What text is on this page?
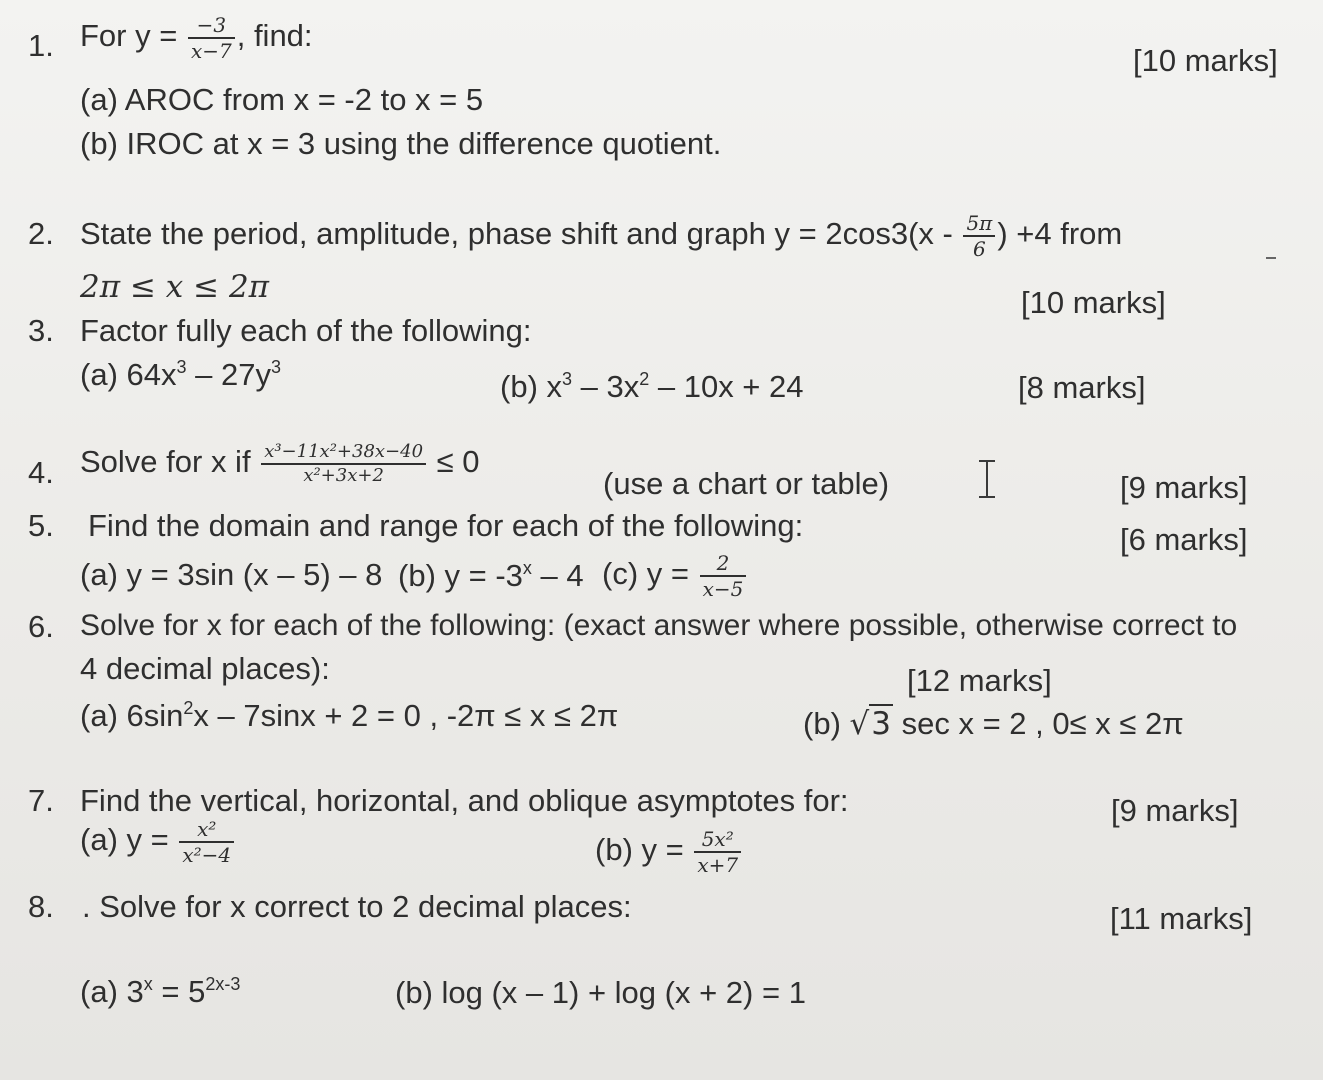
1. For $y = \frac{-3}{x-7}$ , find:
[10 marks]
(a) AROC from x = -2 to x = 5
(b) IROC at x = 3 using the difference quotient.
2. State the period, amplitude, phase shift and graph $y = 2\cos 3(x - \frac{5\pi}{6}$ ) +4 from
2π ≤ x ≤ 2π	[10 marks]
3. Factor fully each of the following:
(a) $64x^3 - 27y^3$
(b) $x^3 - 3x^2 - 10x + 24$	[8 marks]
4. Solve for x if $\frac{\text{x³−11x²+38x−40}}{\text{x²+3x+2}} \le 0$
(use a chart or table)	[9 marks]
5. Find the domain and range for each of the following:	[6 marks]
(a) y = 3sin (x – 5) – 8 (b) $y = -3^x - 4$ (c) $y = \frac{2}{x-5}$
6. Solve for x for each of the following: (exact answer where possible, otherwise correct to
4 decimal places):	[12 marks]
(a) $6\sin^2x - 7\sin x + 2 = 0$ , -2π ≤ x ≤ 2π	(b) √3 sec x = 2 , 0≤ x ≤ 2π
7. Find the vertical, horizontal, and oblique asymptotes for:	[9 marks]
(a) $y = \frac{\text{x²}}{\text{x²−4}}$	(b) $y = \frac{\text{5x²}}{x+7}$
8. . Solve for x correct to 2 decimal places:	[11 marks]
(a) $3^x = 5^{2x-3}$	(b) log (x – 1) + log (x + 2) = 1
